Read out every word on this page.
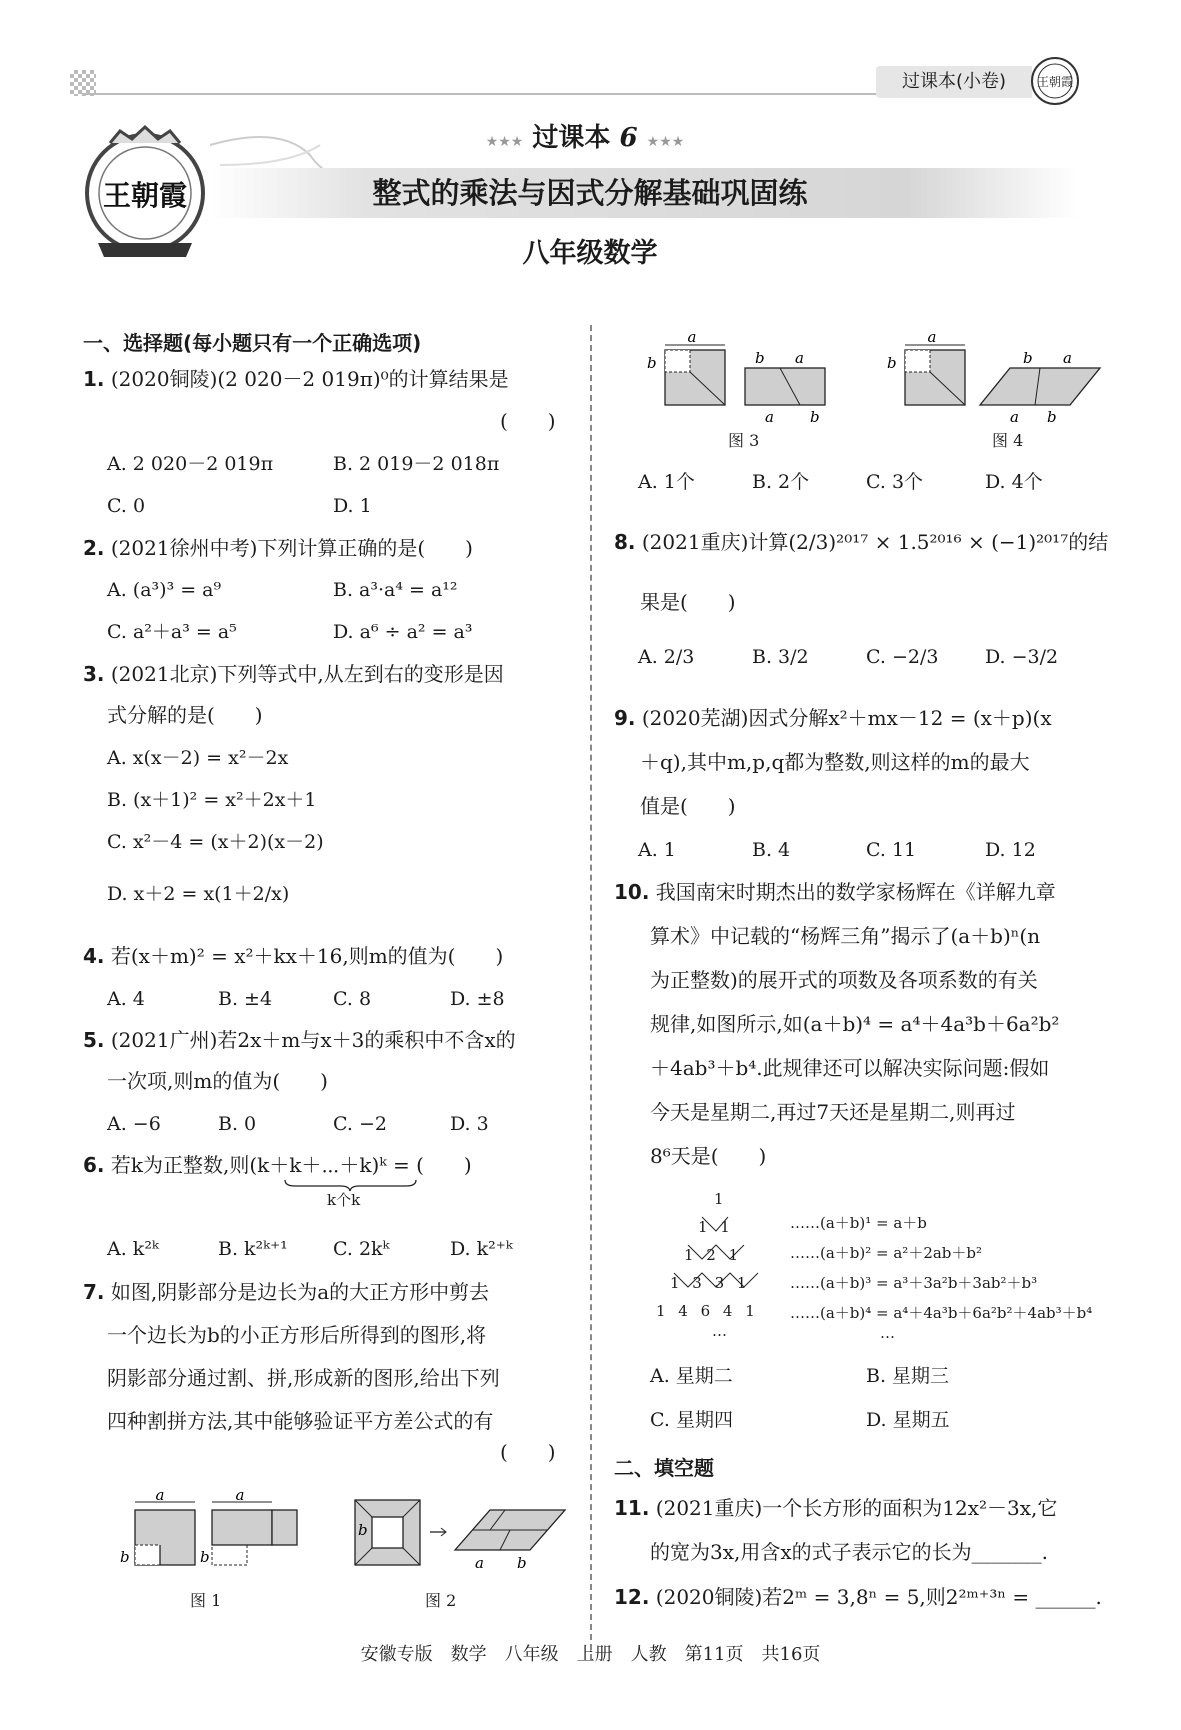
过课本(小卷)	王朝霞
王朝霞
★★★ 过课本 6 ★★★
整式的乘法与因式分解基础巩固练
八年级数学
一、选择题(每小题只有一个正确选项)
1. (2020铜陵)(2 020－2 019π)⁰的计算结果是
(　　)
A. 2 020－2 019π	B. 2 019－2 018π
C. 0	D. 1
2. (2021徐州中考)下列计算正确的是(　　)
A. (a³)³ = a⁹	B. a³·a⁴ = a¹²
C. a²＋a³ = a⁵	D. a⁶ ÷ a² = a³
3. (2021北京)下列等式中,从左到右的变形是因
式分解的是(　　)
A. x(x－2) = x²－2x
B. (x＋1)² = x²＋2x＋1
C. x²－4 = (x＋2)(x－2)
D. x＋2 = x(1＋2/x)
4. 若(x＋m)² = x²＋kx＋16,则m的值为(　　)
A. 4	B. ±4	C. 8	D. ±8
5. (2021广州)若2x＋m与x＋3的乘积中不含x的
一次项,则m的值为(　　)
A. −6	B. 0	C. −2	D. 3
6. 若k为正整数,则(k＋k＋⋯＋k)ᵏ = (　　)
k个k
A. k²ᵏ	B. k²ᵏ⁺¹ C. 2kᵏ	D. k²⁺ᵏ
7. 如图,阴影部分是边长为a的大正方形中剪去
一个边长为b的小正方形后所得到的图形,将
阴影部分通过割、拼,形成新的图形,给出下列
四种割拼方法,其中能够验证平方差公式的有
(　　)
a
b
a
b
图 1
b
a b
图 2
a
b	b a
a b
图 3
a
b	b a
a b
图 4
A. 1个	B. 2个	C. 3个	D. 4个
8. (2021重庆)计算(2/3)²⁰¹⁷ × 1.5²⁰¹⁶ × (−1)²⁰¹⁷的结
果是(　　)
A. 2/3	B. 3/2	C. −2/3 D. −3/2
9. (2020芜湖)因式分解x²＋mx－12 = (x＋p)(x
＋q),其中m,p,q都为整数,则这样的m的最大
值是(　　)
A. 1	B. 4	C. 11	D. 12
10. 我国南宋时期杰出的数学家杨辉在《详解九章
算术》中记载的“杨辉三角”揭示了(a＋b)ⁿ(n
为正整数)的展开式的项数及各项系数的有关
规律,如图所示,如(a＋b)⁴ = a⁴＋4a³b＋6a²b²
＋4ab³＋b⁴.此规律还可以解决实际问题:假如
今天是星期二,再过7天还是星期二,则再过
8⁶天是(　　)
1
1 1
1 2 1
1 3 3 1
1 4 6 4 1
…
……(a＋b)¹ = a＋b
……(a＋b)² = a²＋2ab＋b²
……(a＋b)³ = a³＋3a²b＋3ab²＋b³
……(a＋b)⁴ = a⁴＋4a³b＋6a²b²＋4ab³＋b⁴
…
A. 星期二	B. 星期三
C. 星期四	D. 星期五
二、填空题
11. (2021重庆)一个长方形的面积为12x²－3x,它
的宽为3x,用含x的式子表示它的长为_______.
12. (2020铜陵)若2ᵐ = 3,8ⁿ = 5,则2²ᵐ⁺³ⁿ = ______.
安徽专版　数学　八年级　上册　人教　第11页　共16页
